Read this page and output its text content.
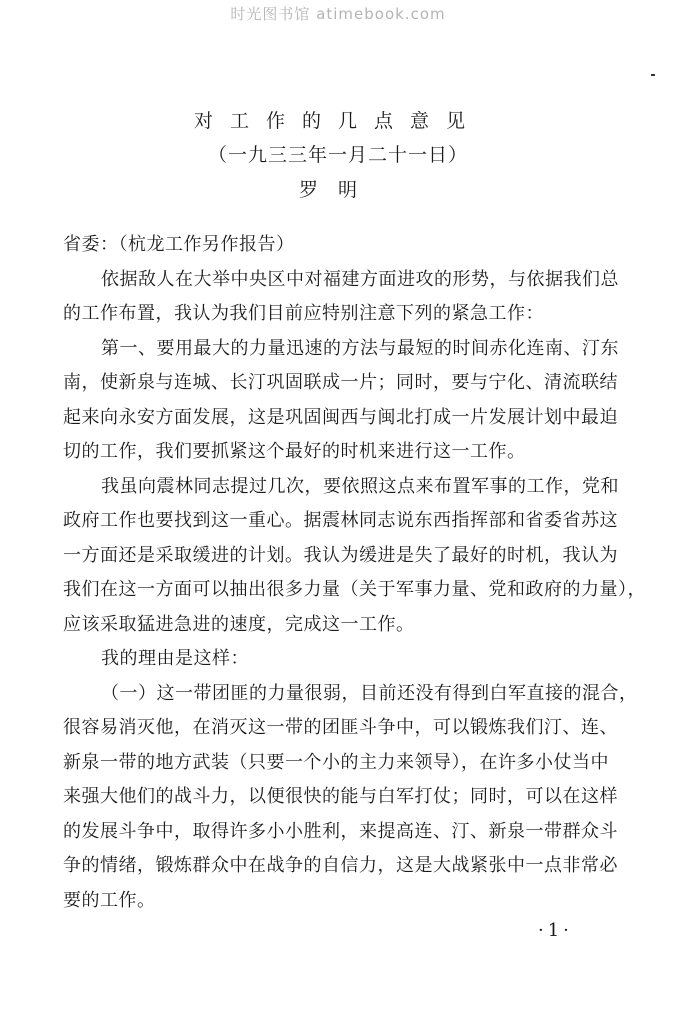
时光图书馆 atimebook.com
对工作的几点意见
（一九三三年一月二十一日）
罗明
省委：（杭龙工作另作报告）
依据敌人在大举中央区中对福建方面进攻的形势，与依据我们总
的工作布置，我认为我们目前应特别注意下列的紧急工作：
第一、要用最大的力量迅速的方法与最短的时间赤化连南、汀东
南，使新泉与连城、长汀巩固联成一片；同时，要与宁化、清流联结
起来向永安方面发展，这是巩固闽西与闽北打成一片发展计划中最迫
切的工作，我们要抓紧这个最好的时机来进行这一工作。
我虽向震林同志提过几次，要依照这点来布置军事的工作，党和
政府工作也要找到这一重心。据震林同志说东西指挥部和省委省苏这
一方面还是采取缓进的计划。我认为缓进是失了最好的时机，我认为
我们在这一方面可以抽出很多力量（关于军事力量、党和政府的力量），
应该采取猛进急进的速度，完成这一工作。
我的理由是这样：
（一）这一带团匪的力量很弱，目前还没有得到白军直接的混合，
很容易消灭他，在消灭这一带的团匪斗争中，可以锻炼我们汀、连、
新泉一带的地方武装（只要一个小的主力来领导），在许多小仗当中
来强大他们的战斗力，以便很快的能与白军打仗；同时，可以在这样
的发展斗争中，取得许多小小胜利，来提高连、汀、新泉一带群众斗
争的情绪，锻炼群众中在战争的自信力，这是大战紧张中一点非常必
要的工作。
·1·
